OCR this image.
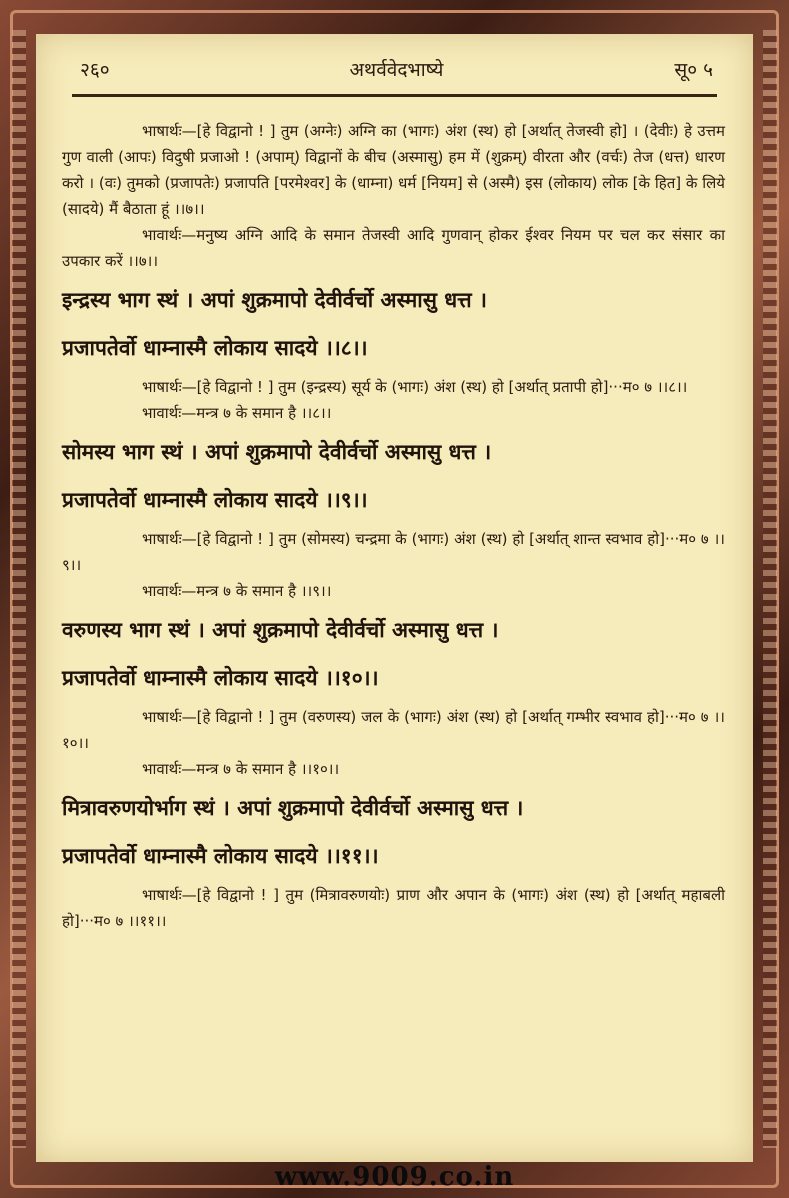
२६०	अथर्ववेदभाष्ये	सू० ५

भाषार्थः—[हे विद्वानो ! ] तुम (अग्नेः) अग्नि का (भागः) अंश (स्थ) हो [अर्थात् तेजस्वी हो] । (देवीः) हे उत्तम गुण वाली (आपः) विदुषी प्रजाओ ! (अपाम्) विद्वानों के बीच (अस्मासु) हम में (शुक्रम्) वीरता और (वर्चः) तेज (धत्त) धारण करो । (वः) तुमको (प्रजापतेः) प्रजापति [परमेश्वर] के (धाम्ना) धर्म [नियम] से (अस्मै) इस (लोकाय) लोक [के हित] के लिये (सादये) मैं बैठाता हूं ।।७।।

भावार्थः—मनुष्य अग्नि आदि के समान तेजस्वी आदि गुणवान् होकर ईश्वर नियम पर चल कर संसार का उपकार करें ।।७।।

इन्द्रस्य भाग स्थं । अपां शुक्रमापो देवीर्वर्चो अस्मासु धत्त ।

प्रजापतेर्वो धाम्नास्मै लोकाय सादये ।।८।।

भाषार्थः—[हे विद्वानो ! ] तुम (इन्द्रस्य) सूर्य के (भागः) अंश (स्थ) हो [अर्थात् प्रतापी हो]···म० ७ ।।८।।

भावार्थः—मन्त्र ७ के समान है ।।८।।

सोमस्य भाग स्थं । अपां शुक्रमापो देवीर्वर्चो अस्मासु धत्त ।

प्रजापतेर्वो धाम्नास्मै लोकाय सादये ।।९।।

भाषार्थः—[हे विद्वानो ! ] तुम (सोमस्य) चन्द्रमा के (भागः) अंश (स्थ) हो [अर्थात् शान्त स्वभाव हो]···म० ७ ।।९।।

भावार्थः—मन्त्र ७ के समान है ।।९।।

वरुणस्य भाग स्थं । अपां शुक्रमापो देवीर्वर्चो अस्मासु धत्त ।

प्रजापतेर्वो धाम्नास्मै लोकाय सादये ।।१०।।

भाषार्थः—[हे विद्वानो ! ] तुम (वरुणस्य) जल के (भागः) अंश (स्थ) हो [अर्थात् गम्भीर स्वभाव हो]···म० ७ ।।१०।।

भावार्थः—मन्त्र ७ के समान है ।।१०।।

मित्रावरुणयोर्भाग स्थं । अपां शुक्रमापो देवीर्वर्चो अस्मासु धत्त ।

प्रजापतेर्वो धाम्नास्मै लोकाय सादये ।।११।।

भाषार्थः—[हे विद्वानो ! ] तुम (मित्रावरुणयोः) प्राण और अपान के (भागः) अंश (स्थ) हो [अर्थात् महाबली हो]···म० ७ ।।११।।

www.9009.co.in
